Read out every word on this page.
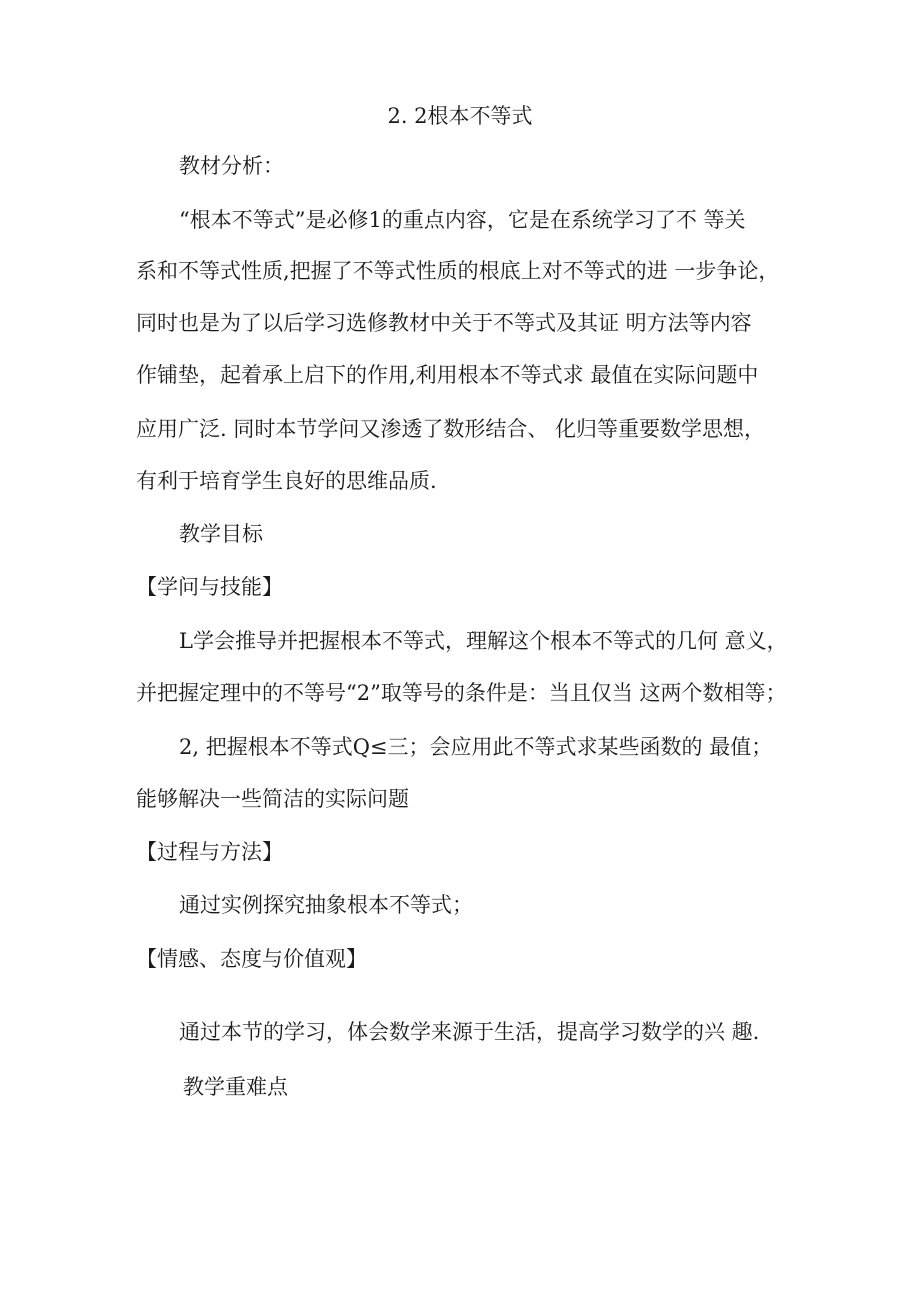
2. 2根本不等式
教材分析：
“根本不等式”是必修1的重点内容，它是在系统学习了不 等关
系和不等式性质,把握了不等式性质的根底上对不等式的进 一步争论，
同时也是为了以后学习选修教材中关于不等式及其证 明方法等内容
作铺垫，起着承上启下的作用,利用根本不等式求 最值在实际问题中
应用广泛. 同时本节学问又渗透了数形结合、 化归等重要数学思想，
有利于培育学生良好的思维品质.
教学目标
【学问与技能】
L学会推导并把握根本不等式，理解这个根本不等式的几何 意义，
并把握定理中的不等号“2”取等号的条件是：当且仅当 这两个数相等；
2, 把握根本不等式Q≤三；会应用此不等式求某些函数的 最值；
能够解决一些简洁的实际问题
【过程与方法】
通过实例探究抽象根本不等式；
【情感、态度与价值观】
通过本节的学习，体会数学来源于生活，提高学习数学的兴 趣.
教学重难点
